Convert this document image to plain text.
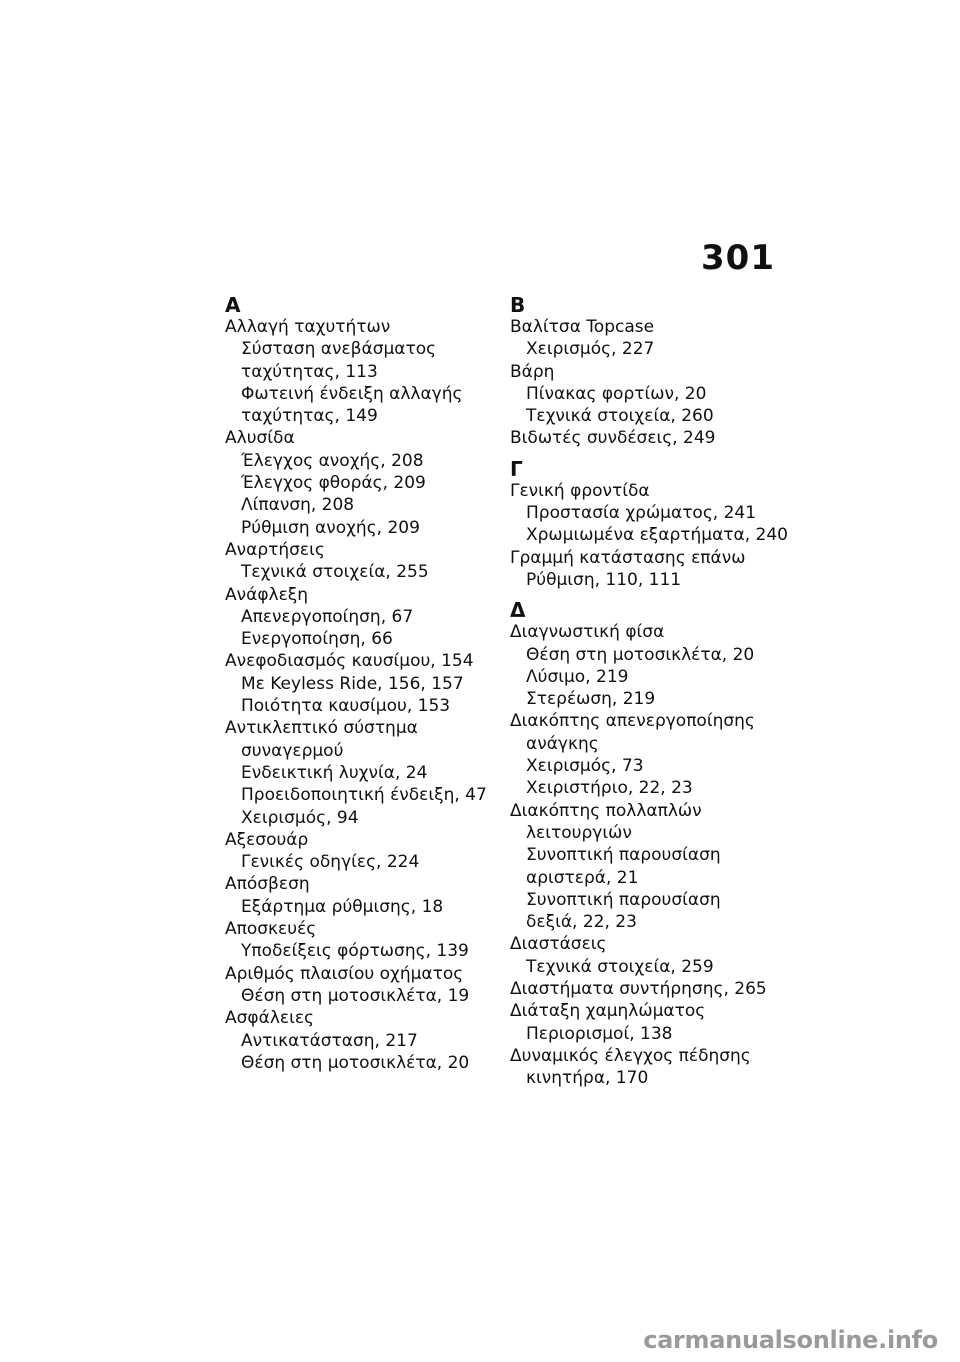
301
Α
Αλλαγή ταχυτήτων
Σύσταση ανεβάσματος
ταχύτητας, 113
Φωτεινή ένδειξη αλλαγής
ταχύτητας, 149
Αλυσίδα
Έλεγχος ανοχής, 208
Έλεγχος φθοράς, 209
Λίπανση, 208
Ρύθμιση ανοχής, 209
Αναρτήσεις
Τεχνικά στοιχεία, 255
Ανάφλεξη
Απενεργοποίηση, 67
Ενεργοποίηση, 66
Ανεφοδιασμός καυσίμου, 154
Με Keyless Ride, 156, 157
Ποιότητα καυσίμου, 153
Αντικλεπτικό σύστημα
συναγερμού
Ενδεικτική λυχνία, 24
Προειδοποιητική ένδειξη, 47
Χειρισμός, 94
Αξεσουάρ
Γενικές οδηγίες, 224
Απόσβεση
Εξάρτημα ρύθμισης, 18
Αποσκευές
Υποδείξεις φόρτωσης, 139
Αριθμός πλαισίου οχήματος
Θέση στη μοτοσικλέτα, 19
Ασφάλειες
Αντικατάσταση, 217
Θέση στη μοτοσικλέτα, 20
Β
Βαλίτσα Topcase
Χειρισμός, 227
Βάρη
Πίνακας φορτίων, 20
Τεχνικά στοιχεία, 260
Βιδωτές συνδέσεις, 249
Γ
Γενική φροντίδα
Προστασία χρώματος, 241
Χρωμιωμένα εξαρτήματα, 240
Γραμμή κατάστασης επάνω
Ρύθμιση, 110, 111
Δ
Διαγνωστική φίσα
Θέση στη μοτοσικλέτα, 20
Λύσιμο, 219
Στερέωση, 219
Διακόπτης απενεργοποίησης
ανάγκης
Χειρισμός, 73
Χειριστήριο, 22, 23
Διακόπτης πολλαπλών
λειτουργιών
Συνοπτική παρουσίαση
αριστερά, 21
Συνοπτική παρουσίαση
δεξιά, 22, 23
Διαστάσεις
Τεχνικά στοιχεία, 259
Διαστήματα συντήρησης, 265
Διάταξη χαμηλώματος
Περιορισμοί, 138
Δυναμικός έλεγχος πέδησης
κινητήρα, 170
carmanualsonline.info
